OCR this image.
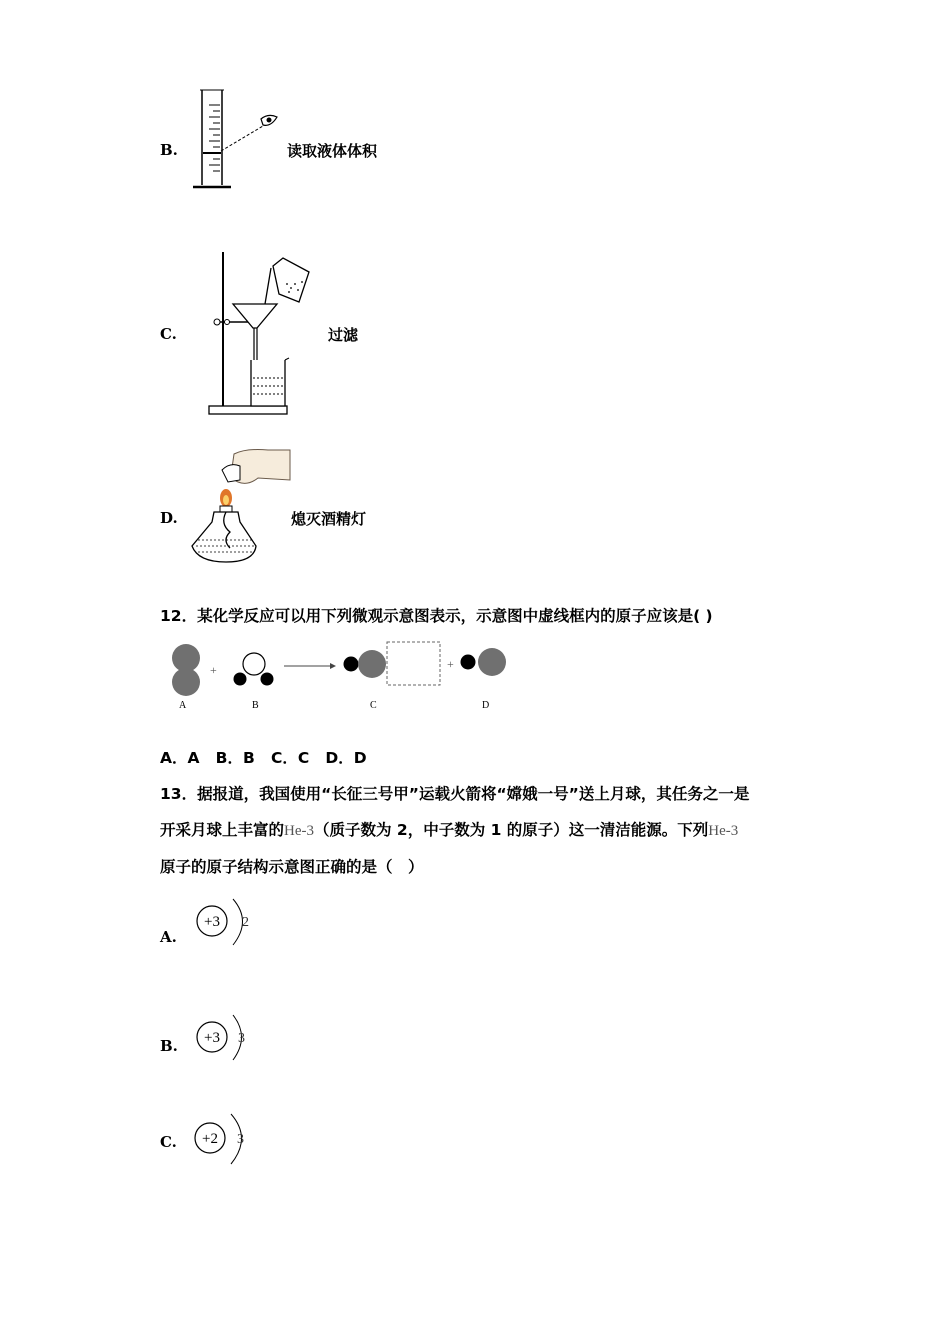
B.	读取液体体积
C.	过滤
D.	熄灭酒精灯
12．某化学反应可以用下列微观示意图表示，示意图中虚线框内的原子应该是( )
+	+
A	B	C	D
A．A   B．B   C．C   D．D
13．据报道，我国使用“长征三号甲”运载火箭将“嫦娥一号”送上月球，其任务之一是
开采月球上丰富的He-3（质子数为 2，中子数为 1 的原子）这一清洁能源。下列He-3
原子的原子结构示意图正确的是（　）
A.
+3 2
B. +3 3
C. +2 3
